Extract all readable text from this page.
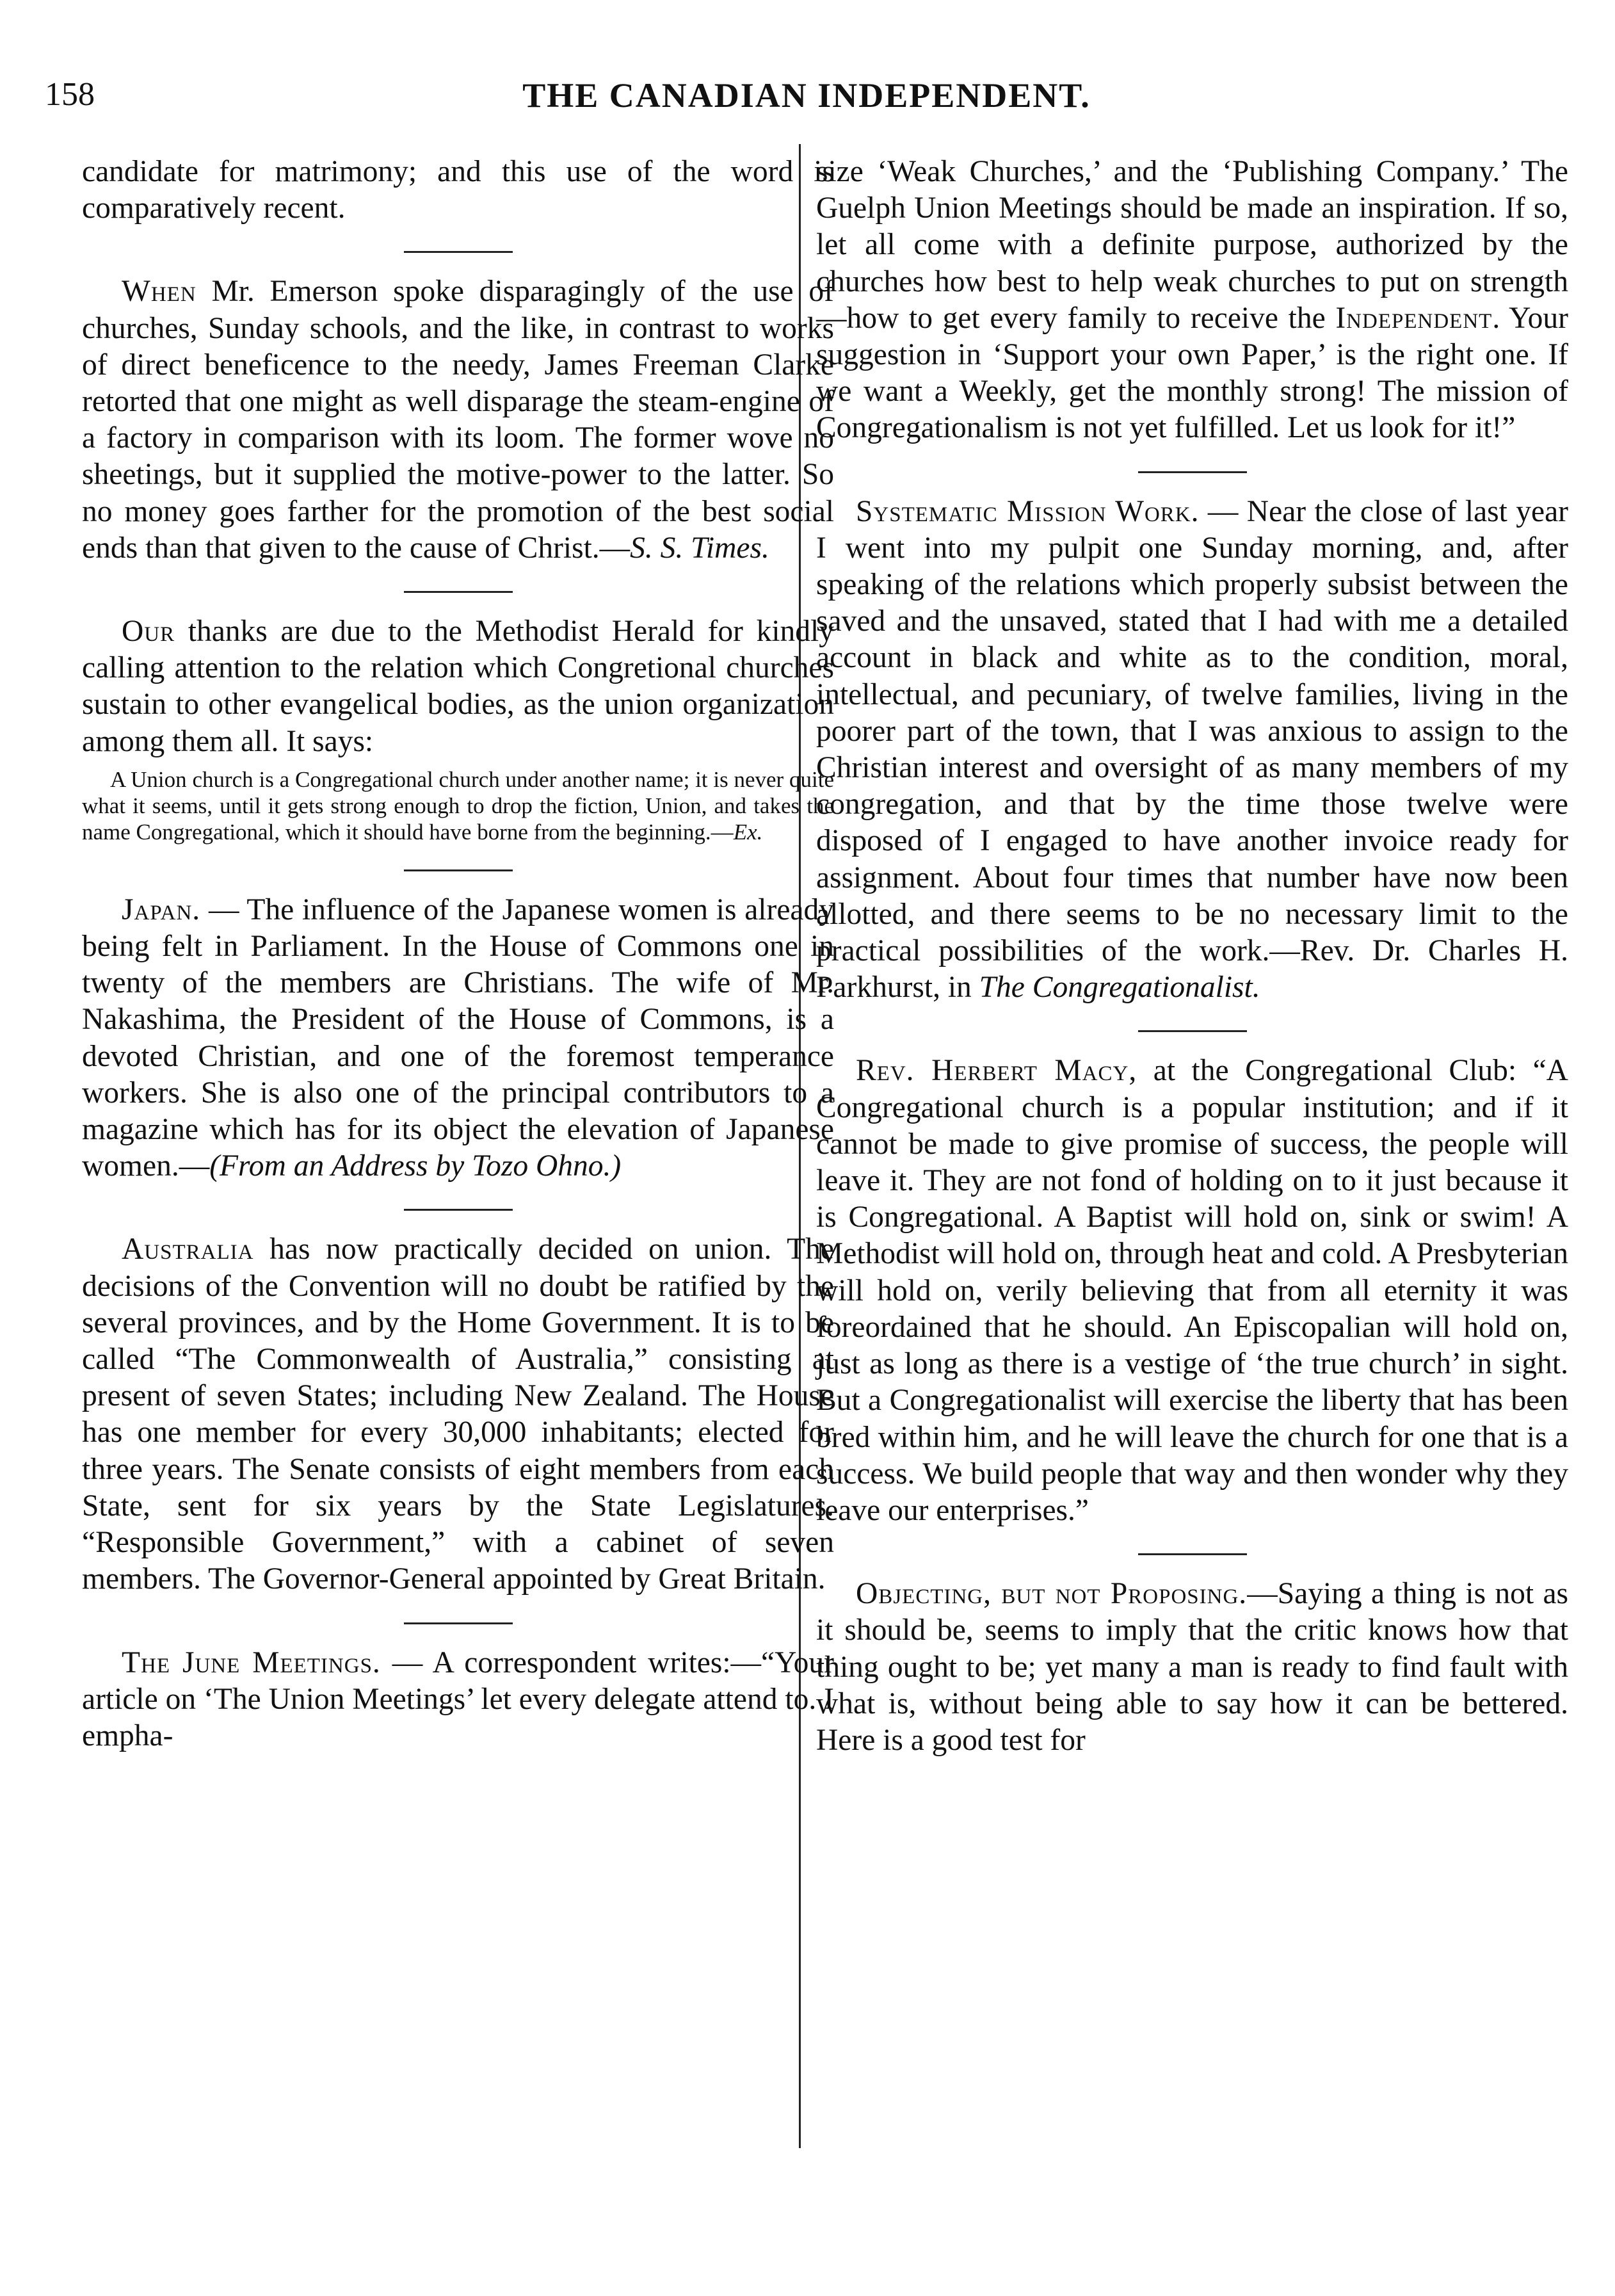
158	THE CANADIAN INDEPENDENT.

candidate for matrimony; and this use of the word is comparatively recent.

When Mr. Emerson spoke disparagingly of the use of churches, Sunday schools, and the like, in contrast to works of direct beneficence to the needy, James Freeman Clarke retorted that one might as well disparage the steam-engine of a factory in comparison with its loom. The former wove no sheetings, but it supplied the motive-power to the latter. So no money goes farther for the promotion of the best social ends than that given to the cause of Christ.—S. S. Times.

Our thanks are due to the Methodist Herald for kindly calling attention to the relation which Congretional churches sustain to other evangelical bodies, as the union organization among them all. It says:

A Union church is a Congregational church under another name; it is never quite what it seems, until it gets strong enough to drop the fiction, Union, and takes the name Congregational, which it should have borne from the beginning.—Ex.

Japan. — The influence of the Japanese women is already being felt in Parliament. In the House of Commons one in twenty of the members are Christians. The wife of Mr. Nakashima, the President of the House of Commons, is a devoted Christian, and one of the foremost temperance workers. She is also one of the principal contributors to a magazine which has for its object the elevation of Japanese women.—(From an Address by Tozo Ohno.)

Australia has now practically decided on union. The decisions of the Convention will no doubt be ratified by the several provinces, and by the Home Government. It is to be called “The Commonwealth of Australia,” consisting at present of seven States; including New Zealand. The House has one member for every 30,000 inhabitants; elected for three years. The Senate consists of eight members from each State, sent for six years by the State Legislatures. “Responsible Government,” with a cabinet of seven members. The Governor-General appointed by Great Britain.

The June Meetings. — A correspondent writes:—“Your article on ‘The Union Meetings’ let every delegate attend to. I empha-

size ‘Weak Churches,’ and the ‘Publishing Company.’ The Guelph Union Meetings should be made an inspiration. If so, let all come with a definite purpose, authorized by the churches how best to help weak churches to put on strength—how to get every family to receive the Independent. Your suggestion in ‘Support your own Paper,’ is the right one. If we want a Weekly, get the monthly strong! The mission of Congregationalism is not yet fulfilled. Let us look for it!”

Systematic Mission Work. — Near the close of last year I went into my pulpit one Sunday morning, and, after speaking of the relations which properly subsist between the saved and the unsaved, stated that I had with me a detailed account in black and white as to the condition, moral, intellectual, and pecuniary, of twelve families, living in the poorer part of the town, that I was anxious to assign to the Christian interest and oversight of as many members of my congregation, and that by the time those twelve were disposed of I engaged to have another invoice ready for assignment. About four times that number have now been allotted, and there seems to be no necessary limit to the practical possibilities of the work.—Rev. Dr. Charles H. Parkhurst, in The Congregationalist.

Rev. Herbert Macy, at the Congregational Club: “A Congregational church is a popular institution; and if it cannot be made to give promise of success, the people will leave it. They are not fond of holding on to it just because it is Congregational. A Baptist will hold on, sink or swim! A Methodist will hold on, through heat and cold. A Presbyterian will hold on, verily believing that from all eternity it was foreordained that he should. An Episcopalian will hold on, just as long as there is a vestige of ‘the true church’ in sight. But a Congregationalist will exercise the liberty that has been bred within him, and he will leave the church for one that is a success. We build people that way and then wonder why they leave our enterprises.”

Objecting, but not Proposing.—Saying a thing is not as it should be, seems to imply that the critic knows how that thing ought to be; yet many a man is ready to find fault with what is, without being able to say how it can be bettered. Here is a good test for
